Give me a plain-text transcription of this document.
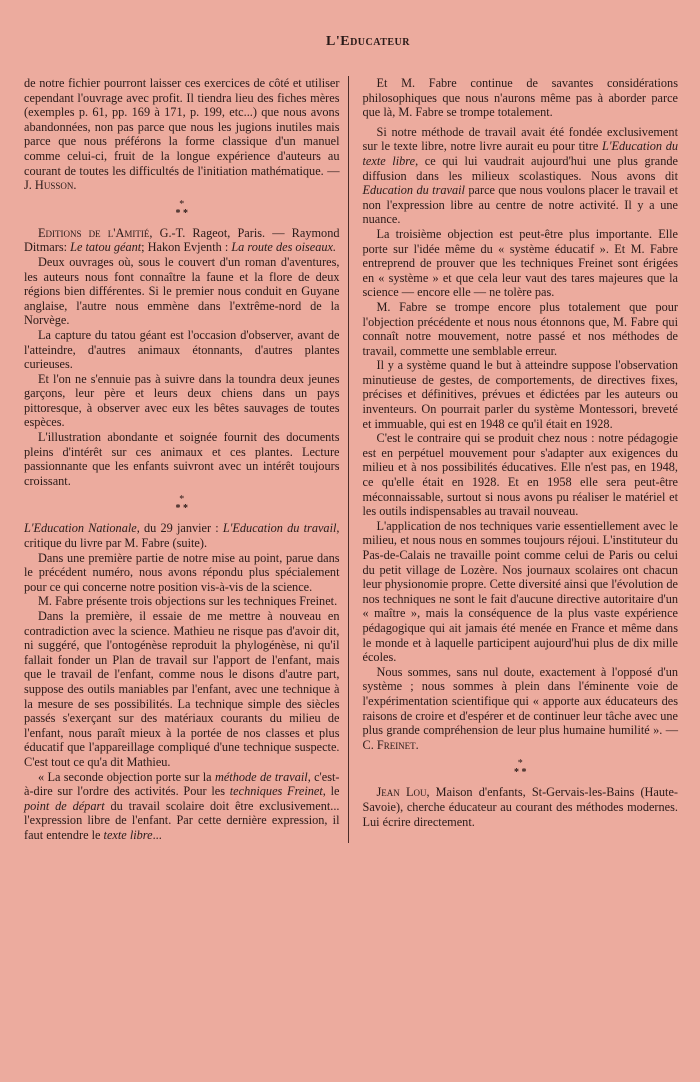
L'Educateur

de notre fichier pourront laisser ces exercices de côté et utiliser cependant l'ouvrage avec profit. Il tiendra lieu des fiches mères (exemples p. 61, pp. 169 à 171, p. 199, etc...) que nous avons abandonnées, non pas parce que nous les jugions inutiles mais parce que nous préférons la forme classique d'un manuel comme celui-ci, fruit de la longue expérience d'auteurs au courant de toutes les difficultés de l'initiation mathématique. — J. Husson.

*
* *

Editions de l'Amitié, G.-T. Rageot, Paris. — Raymond Ditmars: Le tatou géant; Hakon Evjenth : La route des oiseaux.

Deux ouvrages où, sous le couvert d'un roman d'aventures, les auteurs nous font connaître la faune et la flore de deux régions bien différentes. Si le premier nous conduit en Guyane anglaise, l'autre nous emmène dans l'extrême-nord de la Norvège.

La capture du tatou géant est l'occasion d'observer, avant de l'atteindre, d'autres animaux étonnants, d'autres plantes curieuses.

Et l'on ne s'ennuie pas à suivre dans la toundra deux jeunes garçons, leur père et leurs deux chiens dans un pays pittoresque, à observer avec eux les bêtes sauvages de toutes espèces.

L'illustration abondante et soignée fournit des documents pleins d'intérêt sur ces animaux et ces plantes. Lecture passionnante que les enfants suivront avec un intérêt toujours croissant.

*
* *

L'Education Nationale, du 29 janvier : L'Education du travail, critique du livre par M. Fabre (suite).

Dans une première partie de notre mise au point, parue dans le précédent numéro, nous avons répondu plus spécialement pour ce qui concerne notre position vis-à-vis de la science.

M. Fabre présente trois objections sur les techniques Freinet.

Dans la première, il essaie de me mettre à nouveau en contradiction avec la science. Mathieu ne risque pas d'avoir dit, ni suggéré, que l'ontogénèse reproduit la phylogénèse, ni qu'il fallait fonder un Plan de travail sur l'apport de l'enfant, mais que le travail de l'enfant, comme nous le disons d'autre part, suppose des outils maniables par l'enfant, avec une technique à la mesure de ses possibilités. La technique simple des siècles passés s'exerçant sur des matériaux courants du milieu de l'enfant, nous paraît mieux à la portée de nos classes et plus éducatif que l'appareillage compliqué d'une technique suspecte. C'est tout ce qu'a dit Mathieu.

« La seconde objection porte sur la méthode de travail, c'est-à-dire sur l'ordre des activités. Pour les techniques Freinet, le point de départ du travail scolaire doit être exclusivement... l'expression libre de l'enfant. Par cette dernière expression, il faut entendre le texte libre...

Et M. Fabre continue de savantes considérations philosophiques que nous n'aurons même pas à aborder parce que là, M. Fabre se trompe totalement.

Si notre méthode de travail avait été fondée exclusivement sur le texte libre, notre livre aurait eu pour titre L'Education du texte libre, ce qui lui vaudrait aujourd'hui une plus grande diffusion dans les milieux scolastiques. Nous avons dit Education du travail parce que nous voulons placer le travail et non l'expression libre au centre de notre activité. Il y a une nuance.

La troisième objection est peut-être plus importante. Elle porte sur l'idée même du « système éducatif ». Et M. Fabre entreprend de prouver que les techniques Freinet sont érigées en « système » et que cela leur vaut des tares majeures que la science — encore elle — ne tolère pas.

M. Fabre se trompe encore plus totalement que pour l'objection précédente et nous nous étonnons que, M. Fabre qui connaît notre mouvement, notre passé et nos méthodes de travail, commette une semblable erreur.

Il y a système quand le but à atteindre suppose l'observation minutieuse de gestes, de comportements, de directives fixes, précises et définitives, prévues et édictées par les auteurs ou inventeurs. On pourrait parler du système Montessori, breveté et immuable, qui est en 1948 ce qu'il était en 1928.

C'est le contraire qui se produit chez nous : notre pédagogie est en perpétuel mouvement pour s'adapter aux exigences du milieu et à nos possibilités éducatives. Elle n'est pas, en 1948, ce qu'elle était en 1928. Et en 1958 elle sera peut-être méconnaissable, surtout si nous avons pu réaliser le matériel et les outils indispensables au travail nouveau.

L'application de nos techniques varie essentiellement avec le milieu, et nous nous en sommes toujours réjoui. L'instituteur du Pas-de-Calais ne travaille point comme celui de Paris ou celui du petit village de Lozère. Nos journaux scolaires ont chacun leur physionomie propre. Cette diversité ainsi que l'évolution de nos techniques ne sont le fait d'aucune directive autoritaire d'un « maître », mais la conséquence de la plus vaste expérience pédagogique qui ait jamais été menée en France et même dans le monde et à laquelle participent aujourd'hui plus de dix mille écoles.

Nous sommes, sans nul doute, exactement à l'opposé d'un système ; nous sommes à plein dans l'éminente voie de l'expérimentation scientifique qui « apporte aux éducateurs des raisons de croire et d'espérer et de continuer leur tâche avec une plus grande compréhension de leur plus humaine humilité ». — C. Freinet.

*
* *

Jean Lou, Maison d'enfants, St-Gervais-les-Bains (Haute-Savoie), cherche éducateur au courant des méthodes modernes. Lui écrire directement.
